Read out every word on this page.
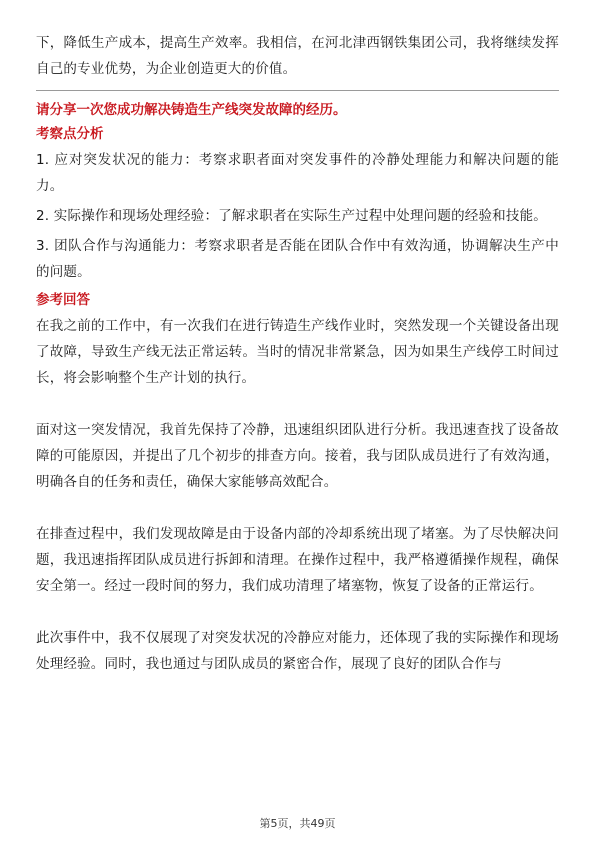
下，降低生产成本，提高生产效率。我相信，在河北津西钢铁集团公司，我将继续发挥自己的专业优势，为企业创造更大的价值。

请分享一次您成功解决铸造生产线突发故障的经历。
考察点分析

1. 应对突发状况的能力：考察求职者面对突发事件的冷静处理能力和解决问题的能力。

2. 实际操作和现场处理经验：了解求职者在实际生产过程中处理问题的经验和技能。

3. 团队合作与沟通能力：考察求职者是否能在团队合作中有效沟通，协调解决生产中的问题。

参考回答

在我之前的工作中，有一次我们在进行铸造生产线作业时，突然发现一个关键设备出现了故障，导致生产线无法正常运转。当时的情况非常紧急，因为如果生产线停工时间过长，将会影响整个生产计划的执行。

面对这一突发情况，我首先保持了冷静，迅速组织团队进行分析。我迅速查找了设备故障的可能原因，并提出了几个初步的排查方向。接着，我与团队成员进行了有效沟通，明确各自的任务和责任，确保大家能够高效配合。

在排查过程中，我们发现故障是由于设备内部的冷却系统出现了堵塞。为了尽快解决问题，我迅速指挥团队成员进行拆卸和清理。在操作过程中，我严格遵循操作规程，确保安全第一。经过一段时间的努力，我们成功清理了堵塞物，恢复了设备的正常运行。

此次事件中，我不仅展现了对突发状况的冷静应对能力，还体现了我的实际操作和现场处理经验。同时，我也通过与团队成员的紧密合作，展现了良好的团队合作与

第5页，共49页
